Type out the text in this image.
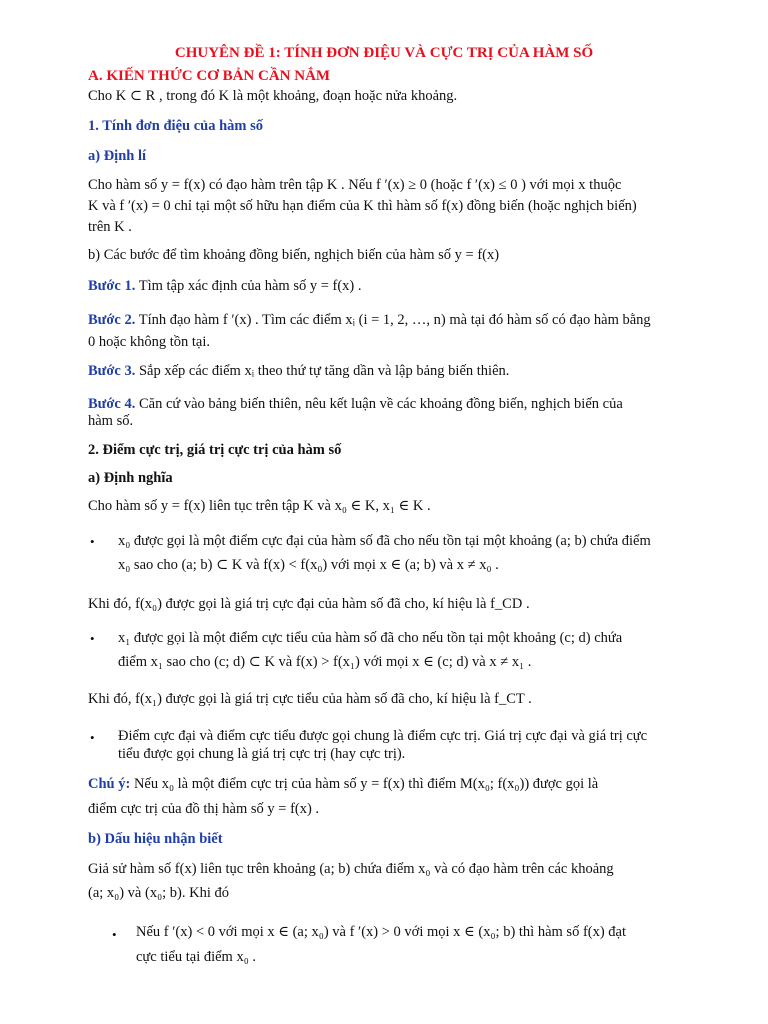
CHUYÊN ĐỀ 1: TÍNH ĐƠN ĐIỆU VÀ CỰC TRỊ CỦA HÀM SỐ
A. KIẾN THỨC CƠ BẢN CẦN NẮM
Cho K ⊂ R , trong đó K là một khoảng, đoạn hoặc nửa khoảng.
1. Tính đơn điệu của hàm số
a) Định lí
Cho hàm số y = f(x) có đạo hàm trên tập K . Nếu f ′(x) ≥ 0 (hoặc f ′(x) ≤ 0 ) với mọi x thuộc
K và f ′(x) = 0 chỉ tại một số hữu hạn điểm của K thì hàm số f(x) đồng biến (hoặc nghịch biến)
trên K .
b) Các bước để tìm khoảng đồng biến, nghịch biến của hàm số y = f(x)
Bước 1. Tìm tập xác định của hàm số y = f(x) .
Bước 2. Tính đạo hàm f ′(x) . Tìm các điểm xᵢ (i = 1, 2, …, n) mà tại đó hàm số có đạo hàm bằng
0 hoặc không tồn tại.
Bước 3. Sắp xếp các điểm xᵢ theo thứ tự tăng dần và lập bảng biến thiên.
Bước 4. Căn cứ vào bảng biến thiên, nêu kết luận về các khoảng đồng biến, nghịch biến của
hàm số.
2. Điểm cực trị, giá trị cực trị của hàm số
a) Định nghĩa
Cho hàm số y = f(x) liên tục trên tập K và x₀ ∈ K, x₁ ∈ K .
• x₀ được gọi là một điểm cực đại của hàm số đã cho nếu tồn tại một khoảng (a; b) chứa điểm
x₀ sao cho (a; b) ⊂ K và f(x) < f(x₀) với mọi x ∈ (a; b) và x ≠ x₀ .
Khi đó, f(x₀) được gọi là giá trị cực đại của hàm số đã cho, kí hiệu là f_CD .
• x₁ được gọi là một điểm cực tiểu của hàm số đã cho nếu tồn tại một khoảng (c; d) chứa
điểm x₁ sao cho (c; d) ⊂ K và f(x) > f(x₁) với mọi x ∈ (c; d) và x ≠ x₁ .
Khi đó, f(x₁) được gọi là giá trị cực tiểu của hàm số đã cho, kí hiệu là f_CT .
• Điểm cực đại và điểm cực tiểu được gọi chung là điểm cực trị. Giá trị cực đại và giá trị cực
tiểu được gọi chung là giá trị cực trị (hay cực trị).
Chú ý: Nếu x₀ là một điểm cực trị của hàm số y = f(x) thì điểm M(x₀; f(x₀)) được gọi là
điểm cực trị của đồ thị hàm số y = f(x) .
b) Dấu hiệu nhận biết
Giả sử hàm số f(x) liên tục trên khoảng (a; b) chứa điểm x₀ và có đạo hàm trên các khoảng
(a; x₀) và (x₀; b). Khi đó
• Nếu f ′(x) < 0 với mọi x ∈ (a; x₀) và f ′(x) > 0 với mọi x ∈ (x₀; b) thì hàm số f(x) đạt
cực tiểu tại điểm x₀ .
